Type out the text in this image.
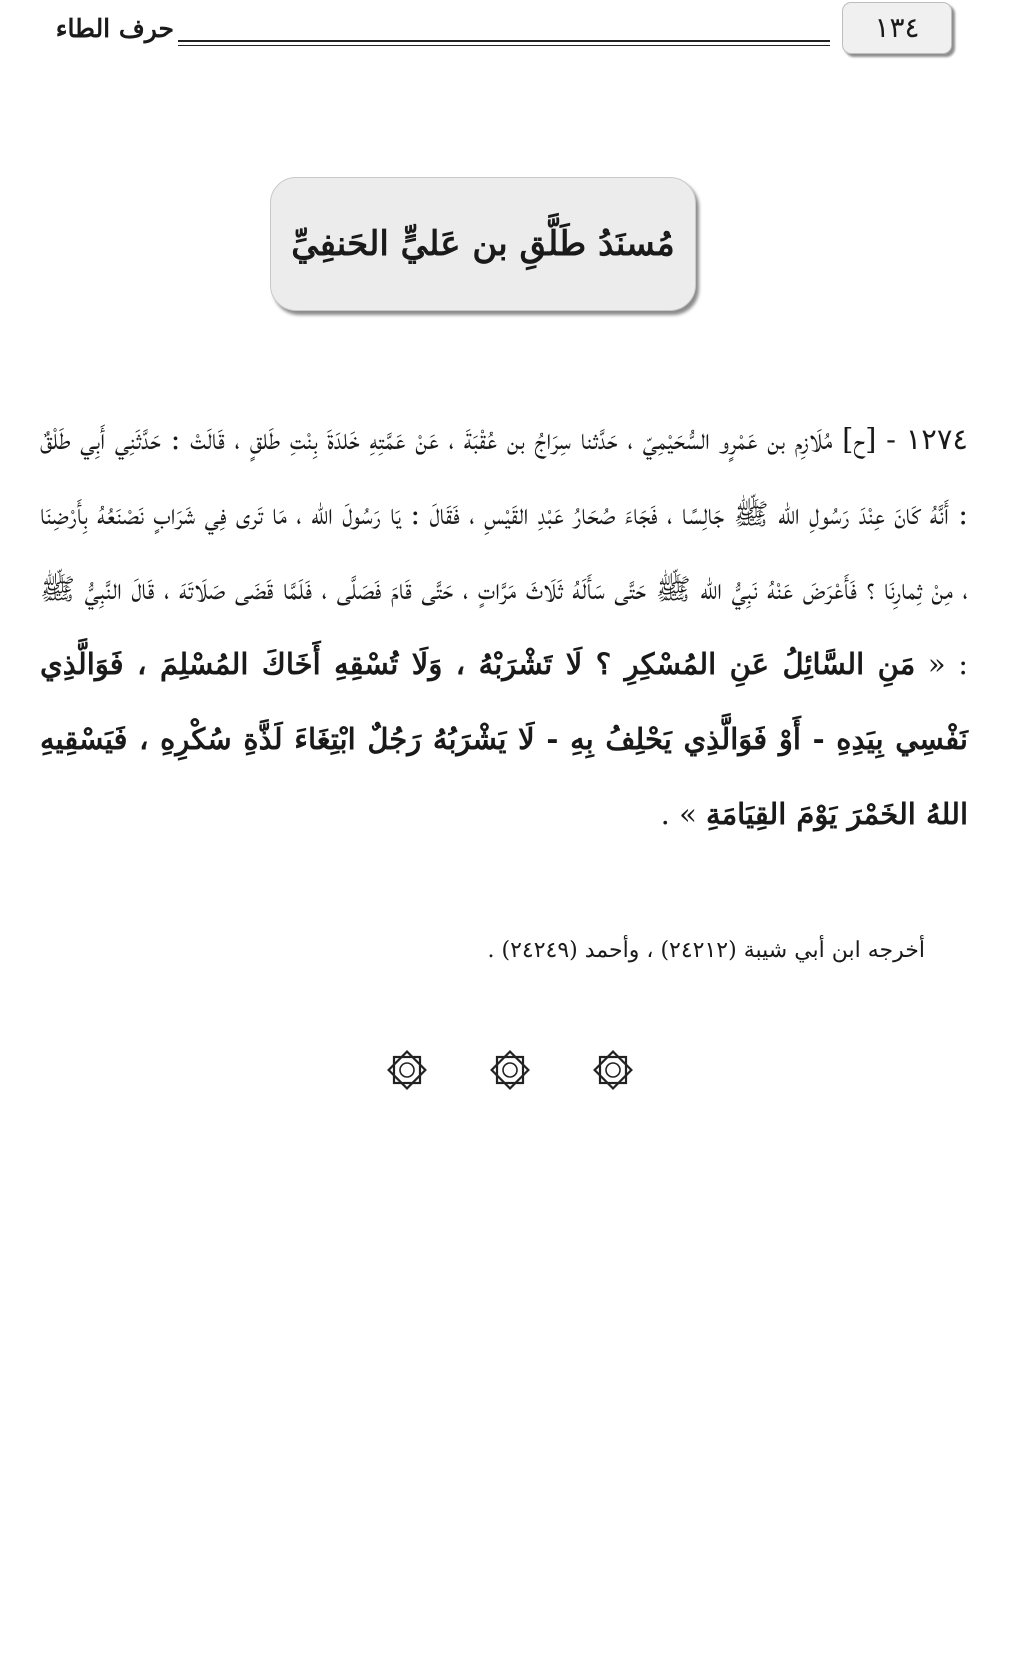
١٣٤
حرف الطاء
مُسنَدُ طَلَّقِ بن عَليٍّ الحَنفِيِّ
١٢٧٤ - [ح] مُلَازِم بن عَمْرٍو السُّحَيْمِيّ ، حَدَّثنا سِرَاجُ بن عُقْبَةَ ، عَنْ عَمَّتِهِ خَلدَةَ بِنْتِ طَلقٍ ، قَالَتْ : حَدَّثَنِي أَبِي طَلْقٌ : أَنَّهُ كَانَ عِنْدَ رَسُولِ الله ﷺ جَالِسًا ، فَجَاءَ صُحَارُ عَبْدِ القَيْسِ ، فَقَالَ : يَا رَسُولَ الله ، مَا تَرى فِي شَرَابٍ نَصْنَعُهُ بِأَرْضِنَا ، مِنْ ثِمارِنَا ؟ فَأَعْرَضَ عَنْهُ نَبِيُّ الله ﷺ حَتَّى سَأَلَهُ ثَلَاثَ مَرَّاتٍ ، حَتَّى قَامَ فَصَلَّى ، فَلَمَّا قَضَى صَلَاتَهَ ، قَالَ النَّبِيُّ ﷺ : « مَنِ السَّائِلُ عَنِ المُسْكِرِ ؟ لَا تَشْرَبْهُ ، وَلَا تُسْقِهِ أَخَاكَ المُسْلِمَ ، فَوَالَّذِي نَفْسِي بِيَدِهِ - أَوْ فَوَالَّذِي يَحْلِفُ بِهِ - لَا يَشْرَبُهُ رَجُلٌ ابْتِغَاءَ لَذَّةِ سُكْرِهِ ، فَيَسْقِيهِ اللهُ الخَمْرَ يَوْمَ القِيَامَةِ » .
أخرجه ابن أبي شيبة (٢٤٢١٢) ، وأحمد (٢٤٢٤٩) .
